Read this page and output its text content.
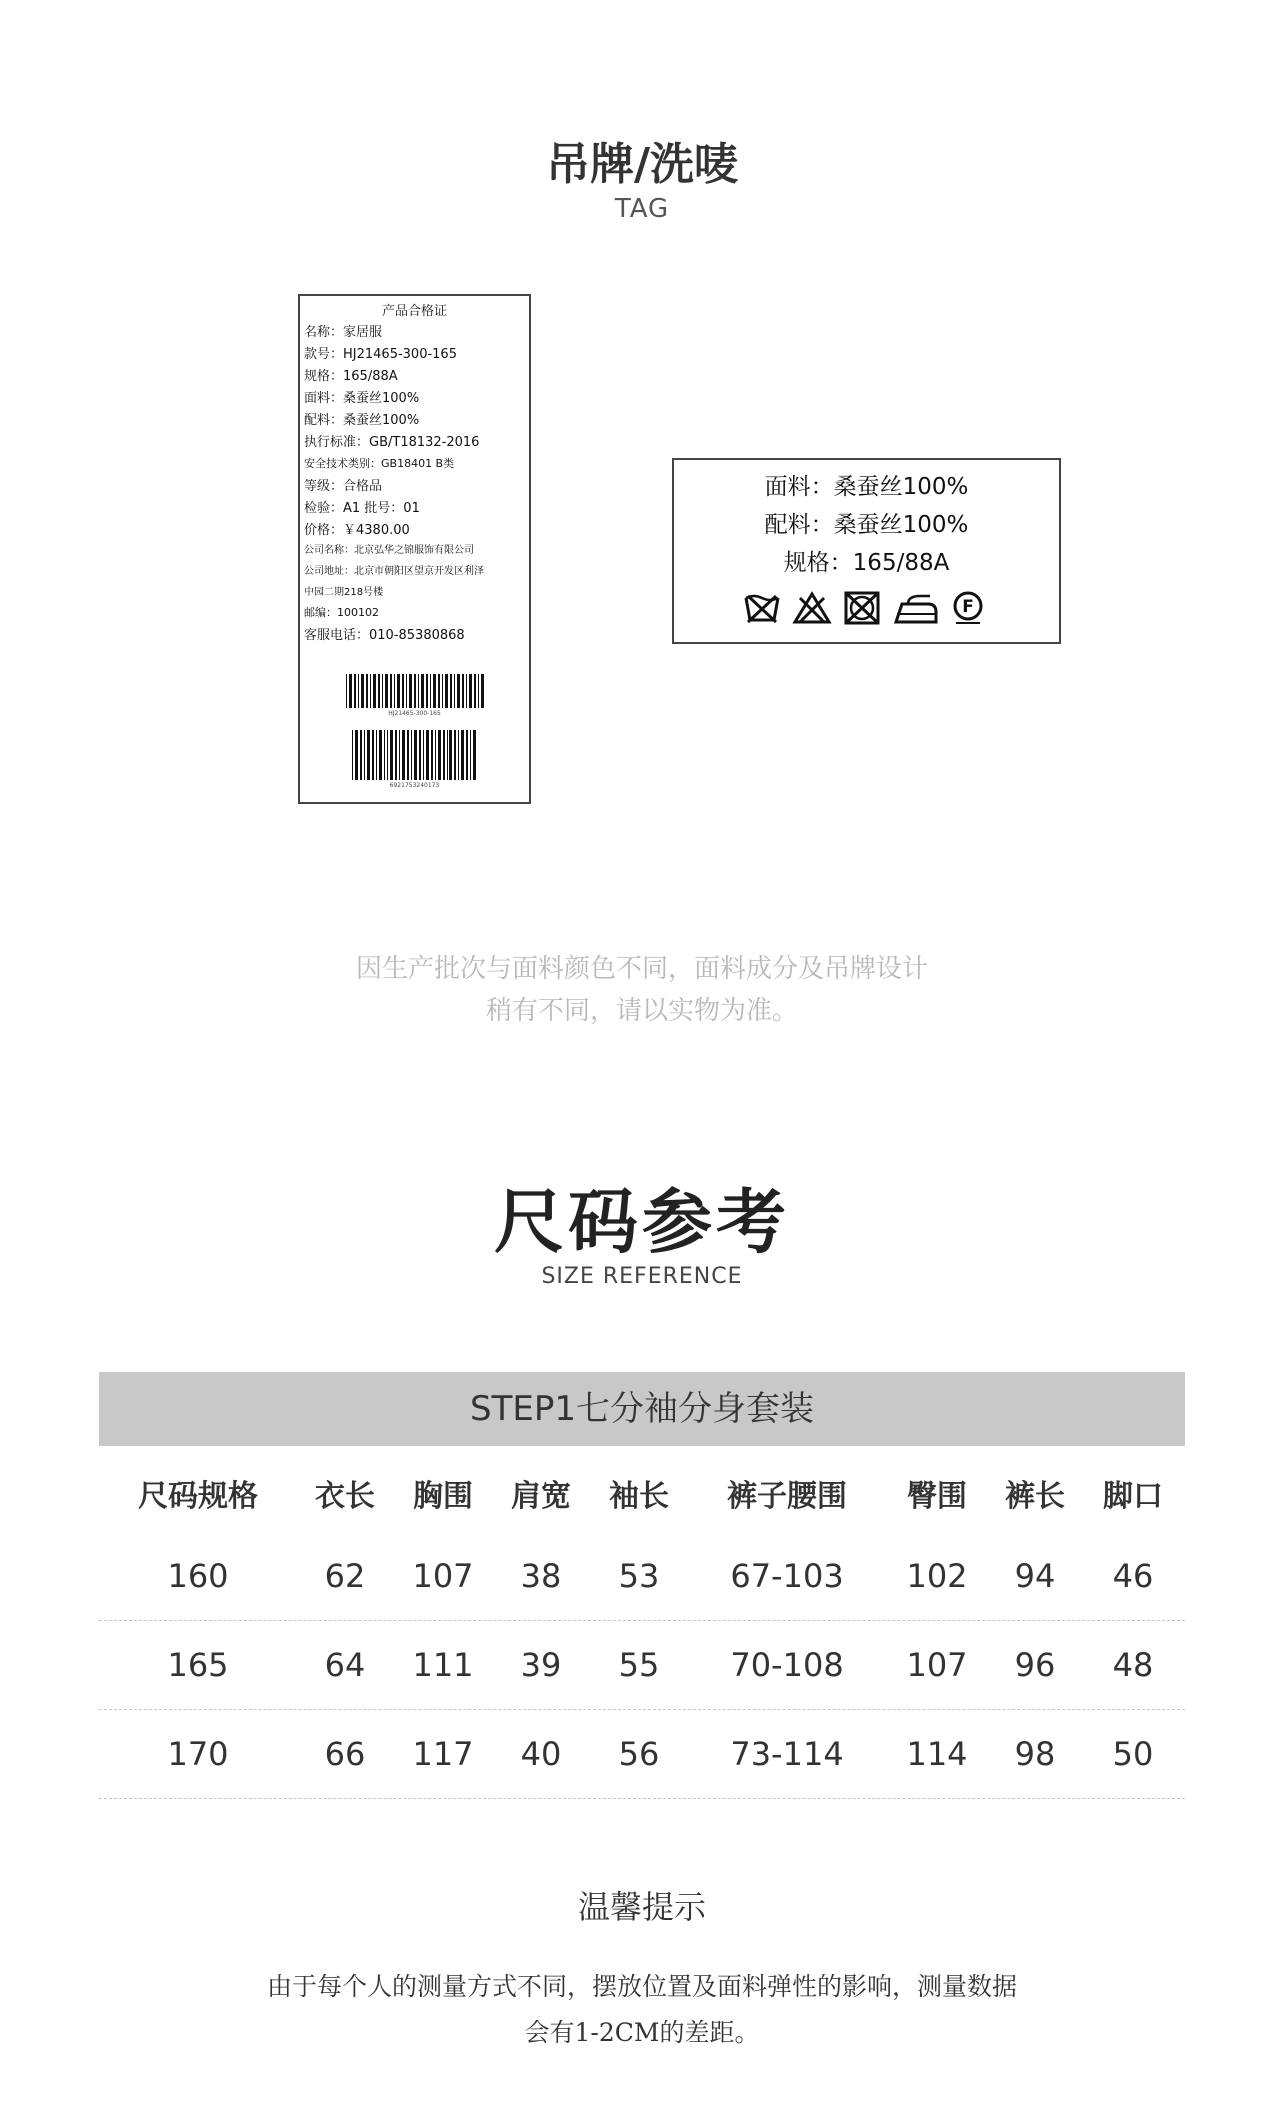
吊牌/洗唛
TAG
产品合格证
名称：家居服
款号：HJ21465-300-165
规格：165/88A
面料：桑蚕丝100%
配料：桑蚕丝100%
执行标准：GB/T18132-2016
安全技术类别：GB18401 B类
等级：合格品
检验：A1 批号：01
价格：￥4380.00
公司名称：北京弘华之锦服饰有限公司
公司地址：北京市朝阳区望京开发区利泽
中园二期218号楼
邮编：100102
客服电话：010-85380868
HJ21465-300-165
6921753240173
面料：桑蚕丝100%
配料：桑蚕丝100%
规格：165/88A
F
因生产批次与面料颜色不同，面料成分及吊牌设计
稍有不同，请以实物为准。
尺码参考
SIZE REFERENCE
STEP1七分袖分身套装
尺码规格	衣长	胸围	肩宽	袖长	裤子腰围	臀围	裤长	脚口
160	62	107	38	53	67-103	102	94	46
165	64	111	39	55	70-108	107	96	48
170	66	117	40	56	73-114	114	98	50
温馨提示
由于每个人的测量方式不同，摆放位置及面料弹性的影响，测量数据
会有1-2CM的差距。
